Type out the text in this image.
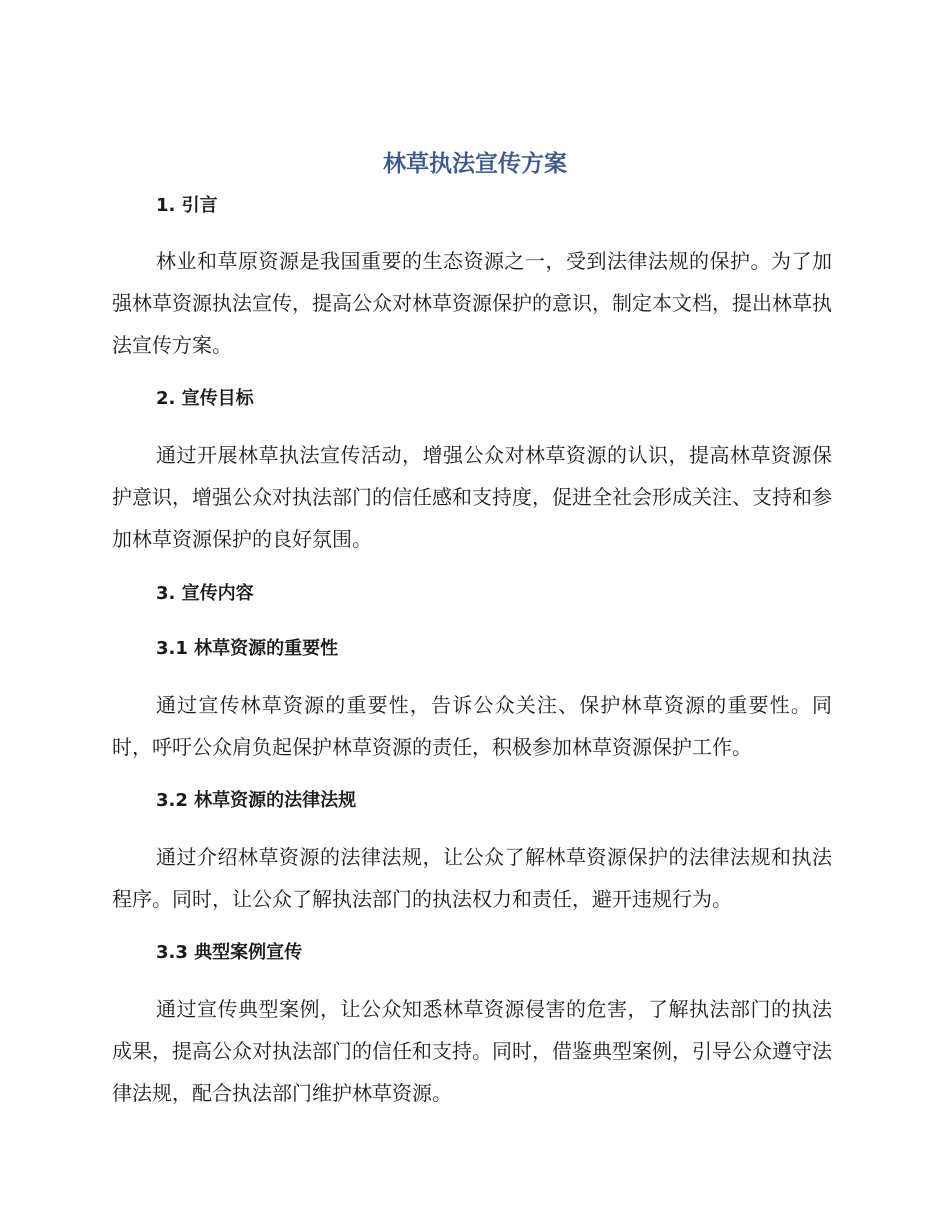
林草执法宣传方案
1. 引言

林业和草原资源是我国重要的生态资源之一，受到法律法规的保护。为了加强林草资源执法宣传，提高公众对林草资源保护的意识，制定本文档，提出林草执法宣传方案。

2. 宣传目标

通过开展林草执法宣传活动，增强公众对林草资源的认识，提高林草资源保护意识，增强公众对执法部门的信任感和支持度，促进全社会形成关注、支持和参加林草资源保护的良好氛围。

3. 宣传内容
3.1 林草资源的重要性

通过宣传林草资源的重要性，告诉公众关注、保护林草资源的重要性。同时，呼吁公众肩负起保护林草资源的责任，积极参加林草资源保护工作。

3.2 林草资源的法律法规

通过介绍林草资源的法律法规，让公众了解林草资源保护的法律法规和执法程序。同时，让公众了解执法部门的执法权力和责任，避开违规行为。

3.3 典型案例宣传

通过宣传典型案例，让公众知悉林草资源侵害的危害，了解执法部门的执法成果，提高公众对执法部门的信任和支持。同时，借鉴典型案例，引导公众遵守法律法规，配合执法部门维护林草资源。
